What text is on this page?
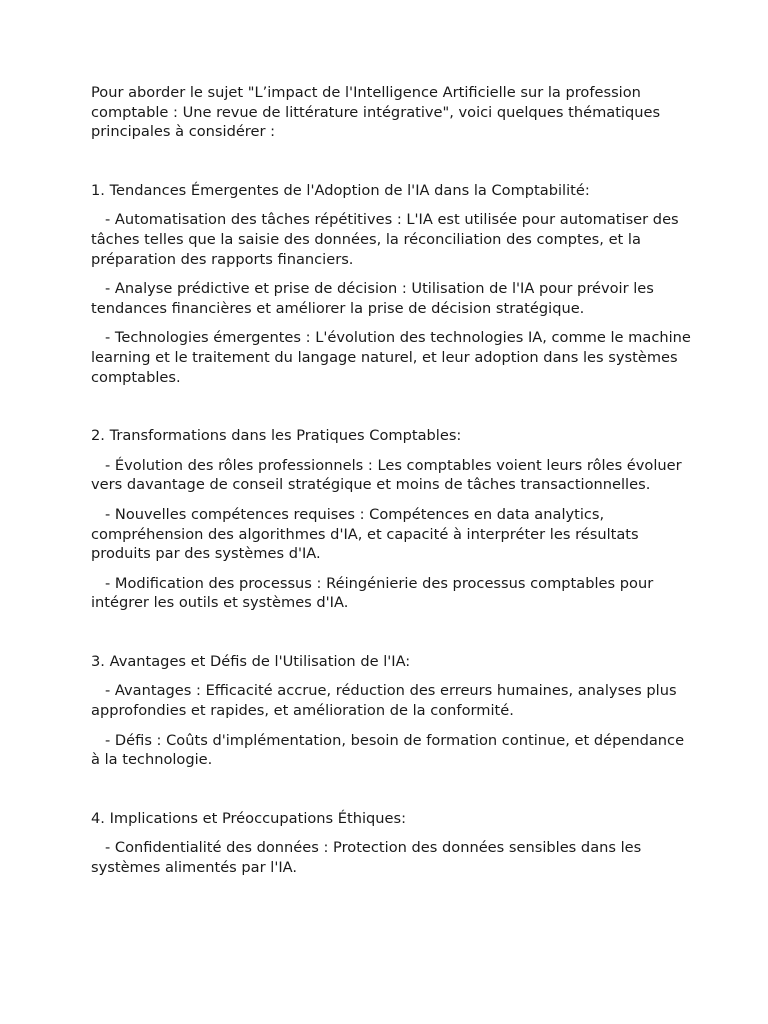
Pour aborder le sujet "L’impact de l'Intelligence Artificielle sur la profession comptable : Une revue de littérature intégrative", voici quelques thématiques principales à considérer :

1. Tendances Émergentes de l'Adoption de l'IA dans la Comptabilité:

- Automatisation des tâches répétitives : L'IA est utilisée pour automatiser des tâches telles que la saisie des données, la réconciliation des comptes, et la préparation des rapports financiers.

- Analyse prédictive et prise de décision : Utilisation de l'IA pour prévoir les tendances financières et améliorer la prise de décision stratégique.

- Technologies émergentes : L'évolution des technologies IA, comme le machine learning et le traitement du langage naturel, et leur adoption dans les systèmes comptables.

2. Transformations dans les Pratiques Comptables:

- Évolution des rôles professionnels : Les comptables voient leurs rôles évoluer vers davantage de conseil stratégique et moins de tâches transactionnelles.

- Nouvelles compétences requises : Compétences en data analytics, compréhension des algorithmes d'IA, et capacité à interpréter les résultats produits par des systèmes d'IA.

- Modification des processus : Réingénierie des processus comptables pour intégrer les outils et systèmes d'IA.

3. Avantages et Défis de l'Utilisation de l'IA:

- Avantages : Efficacité accrue, réduction des erreurs humaines, analyses plus approfondies et rapides, et amélioration de la conformité.

- Défis : Coûts d'implémentation, besoin de formation continue, et dépendance à la technologie.

4. Implications et Préoccupations Éthiques:

- Confidentialité des données : Protection des données sensibles dans les systèmes alimentés par l'IA.
